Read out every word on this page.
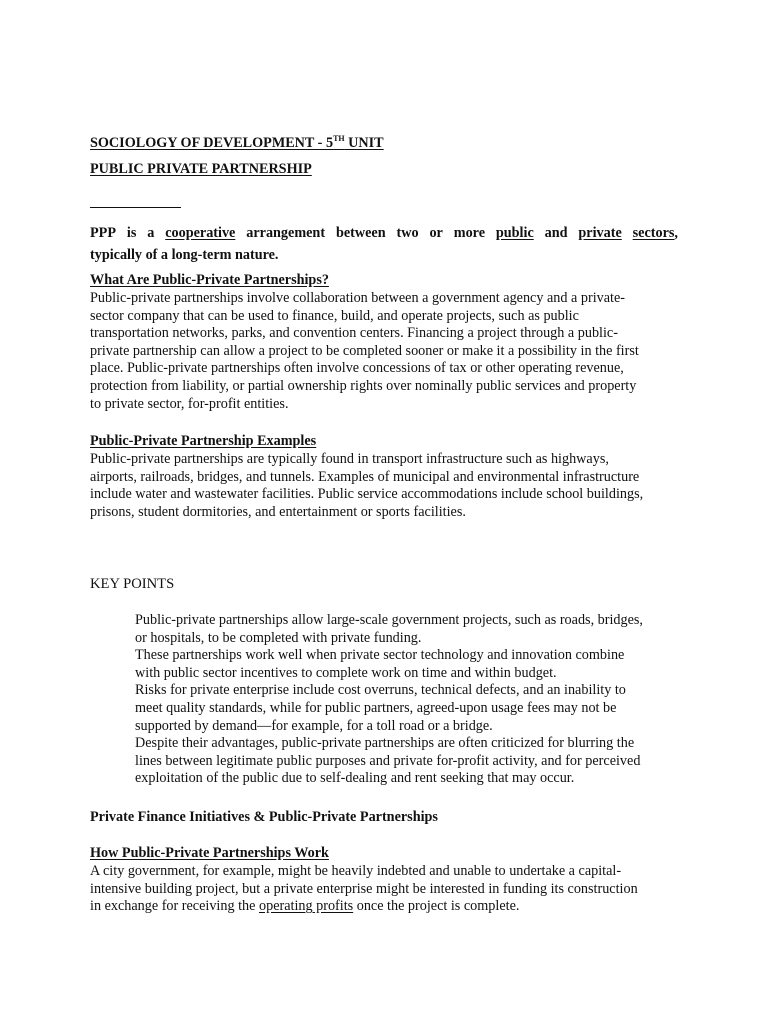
SOCIOLOGY OF DEVELOPMENT - 5TH UNIT
PUBLIC PRIVATE PARTNERSHIP
PPP is a cooperative arrangement between two or more public and private sectors,
typically of a long-term nature.
What Are Public-Private Partnerships?
Public-private partnerships involve collaboration between a government agency and a private-
sector company that can be used to finance, build, and operate projects, such as public
transportation networks, parks, and convention centers. Financing a project through a public-
private partnership can allow a project to be completed sooner or make it a possibility in the first
place. Public-private partnerships often involve concessions of tax or other operating revenue,
protection from liability, or partial ownership rights over nominally public services and property
to private sector, for-profit entities.
Public-Private Partnership Examples
Public-private partnerships are typically found in transport infrastructure such as highways,
airports, railroads, bridges, and tunnels. Examples of municipal and environmental infrastructure
include water and wastewater facilities. Public service accommodations include school buildings,
prisons, student dormitories, and entertainment or sports facilities.
KEY POINTS
Public-private partnerships allow large-scale government projects, such as roads, bridges,
or hospitals, to be completed with private funding.
These partnerships work well when private sector technology and innovation combine
with public sector incentives to complete work on time and within budget.
Risks for private enterprise include cost overruns, technical defects, and an inability to
meet quality standards, while for public partners, agreed-upon usage fees may not be
supported by demand—for example, for a toll road or a bridge.
Despite their advantages, public-private partnerships are often criticized for blurring the
lines between legitimate public purposes and private for-profit activity, and for perceived
exploitation of the public due to self-dealing and rent seeking that may occur.
Private Finance Initiatives & Public-Private Partnerships
How Public-Private Partnerships Work
A city government, for example, might be heavily indebted and unable to undertake a capital-
intensive building project, but a private enterprise might be interested in funding its construction
in exchange for receiving the operating profits once the project is complete.
